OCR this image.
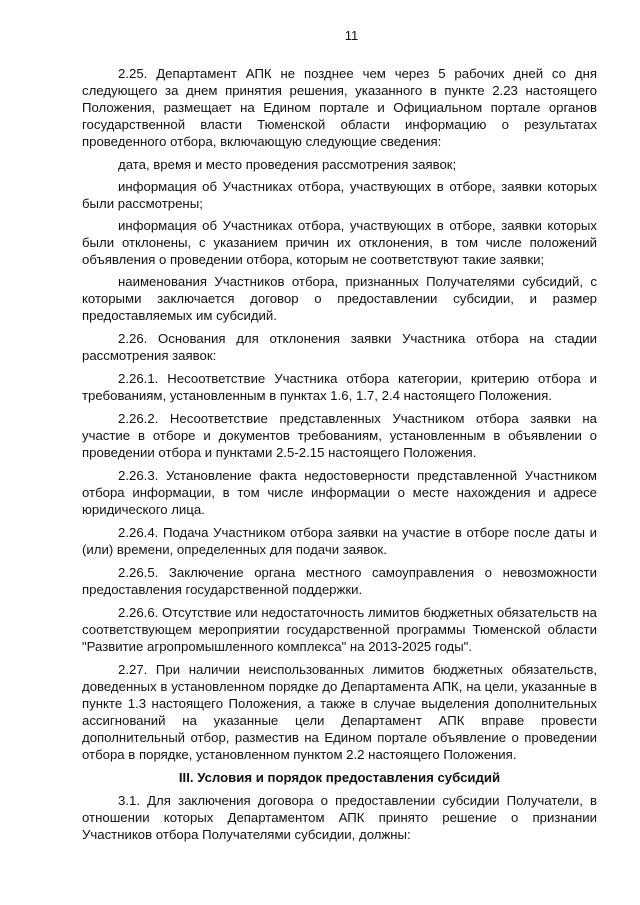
11

2.25. Департамент АПК не позднее чем через 5 рабочих дней со дня следующего за днем принятия решения, указанного в пункте 2.23 настоящего Положения, размещает на Едином портале и Официальном портале органов государственной власти Тюменской области информацию о результатах проведенного отбора, включающую следующие сведения:

дата, время и место проведения рассмотрения заявок;

информация об Участниках отбора, участвующих в отборе, заявки которых были рассмотрены;

информация об Участниках отбора, участвующих в отборе, заявки которых были отклонены, с указанием причин их отклонения, в том числе положений объявления о проведении отбора, которым не соответствуют такие заявки;

наименования Участников отбора, признанных Получателями субсидий, с которыми заключается договор о предоставлении субсидии, и размер предоставляемых им субсидий.

2.26. Основания для отклонения заявки Участника отбора на стадии рассмотрения заявок:

2.26.1. Несоответствие Участника отбора категории, критерию отбора и требованиям, установленным в пунктах 1.6, 1.7, 2.4 настоящего Положения.

2.26.2. Несоответствие представленных Участником отбора заявки на участие в отборе и документов требованиям, установленным в объявлении о проведении отбора и пунктами 2.5-2.15 настоящего Положения.

2.26.3. Установление факта недостоверности представленной Участником отбора информации, в том числе информации о месте нахождения и адресе юридического лица.

2.26.4. Подача Участником отбора заявки на участие в отборе после даты и (или) времени, определенных для подачи заявок.

2.26.5. Заключение органа местного самоуправления о невозможности предоставления государственной поддержки.

2.26.6. Отсутствие или недостаточность лимитов бюджетных обязательств на соответствующем мероприятии государственной программы Тюменской области "Развитие агропромышленного комплекса" на 2013-2025 годы".

2.27. При наличии неиспользованных лимитов бюджетных обязательств, доведенных в установленном порядке до Департамента АПК, на цели, указанные в пункте 1.3 настоящего Положения, а также в случае выделения дополнительных ассигнований на указанные цели Департамент АПК вправе провести дополнительный отбор, разместив на Едином портале объявление о проведении отбора в порядке, установленном пунктом 2.2 настоящего Положения.

III. Условия и порядок предоставления субсидий

3.1. Для заключения договора о предоставлении субсидии Получатели, в отношении которых Департаментом АПК принято решение о признании Участников отбора Получателями субсидии, должны:
